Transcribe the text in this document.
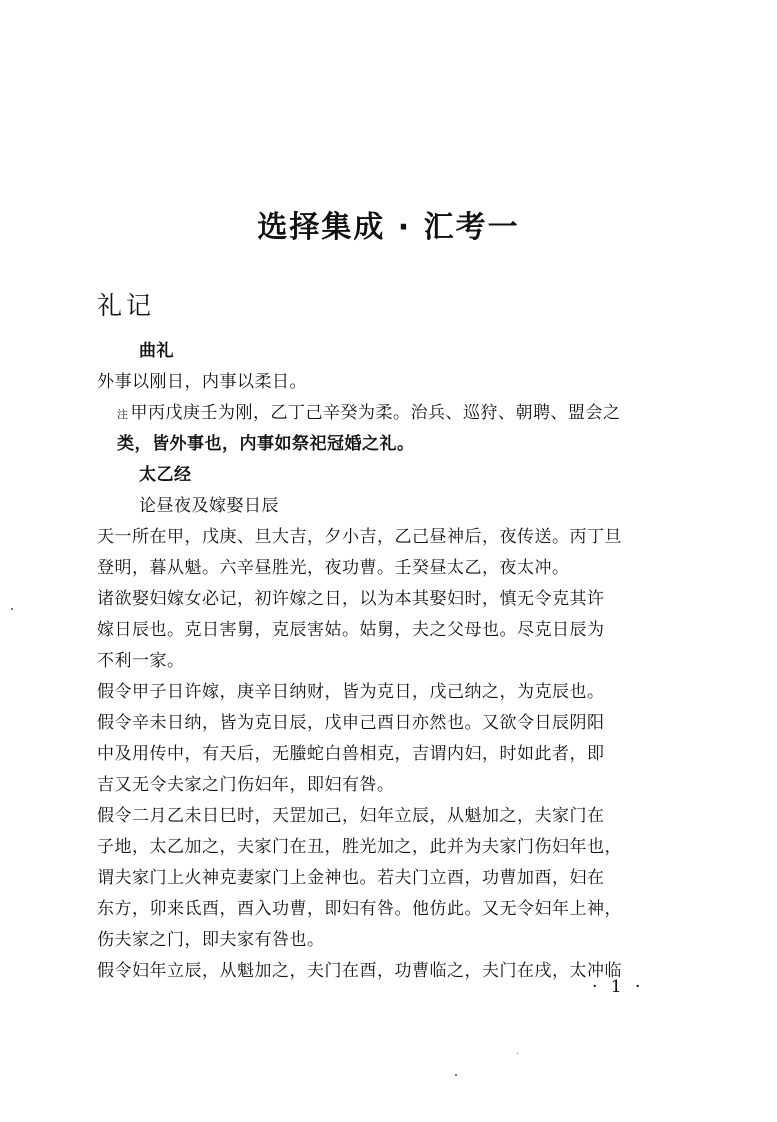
选择集成 · 汇考一
礼记
曲礼
外事以刚日，内事以柔日。
注 甲丙戊庚壬为刚，乙丁己辛癸为柔。治兵、巡狩、朝聘、盟会之
类，皆外事也，内事如祭祀冠婚之礼。
太乙经
论昼夜及嫁娶日辰
天一所在甲，戊庚、旦大吉，夕小吉，乙己昼神后，夜传送。丙丁旦
登明，暮从魁。六辛昼胜光，夜功曹。壬癸昼太乙，夜太冲。
诸欲娶妇嫁女必记，初许嫁之日，以为本其娶妇时，慎无令克其许
嫁日辰也。克日害舅，克辰害姑。姑舅，夫之父母也。尽克日辰为
不利一家。
假令甲子日许嫁，庚辛日纳财，皆为克日，戊己纳之，为克辰也。
假令辛未日纳，皆为克日辰，戊申己酉日亦然也。又欲令日辰阴阳
中及用传中，有天后，无螣蛇白兽相克，吉谓内妇，时如此者，即
吉又无令夫家之门伤妇年，即妇有咎。
假令二月乙未日巳时，天罡加己，妇年立辰，从魁加之，夫家门在
子地，太乙加之，夫家门在丑，胜光加之，此并为夫家门伤妇年也，
谓夫家门上火神克妻家门上金神也。若夫门立酉，功曹加酉，妇在
东方，卯来氐酉，酉入功曹，即妇有咎。他仿此。又无令妇年上神，
伤夫家之门，即夫家有咎也。
假令妇年立辰，从魁加之，夫门在酉，功曹临之，夫门在戌，太冲临
· 1 ·
